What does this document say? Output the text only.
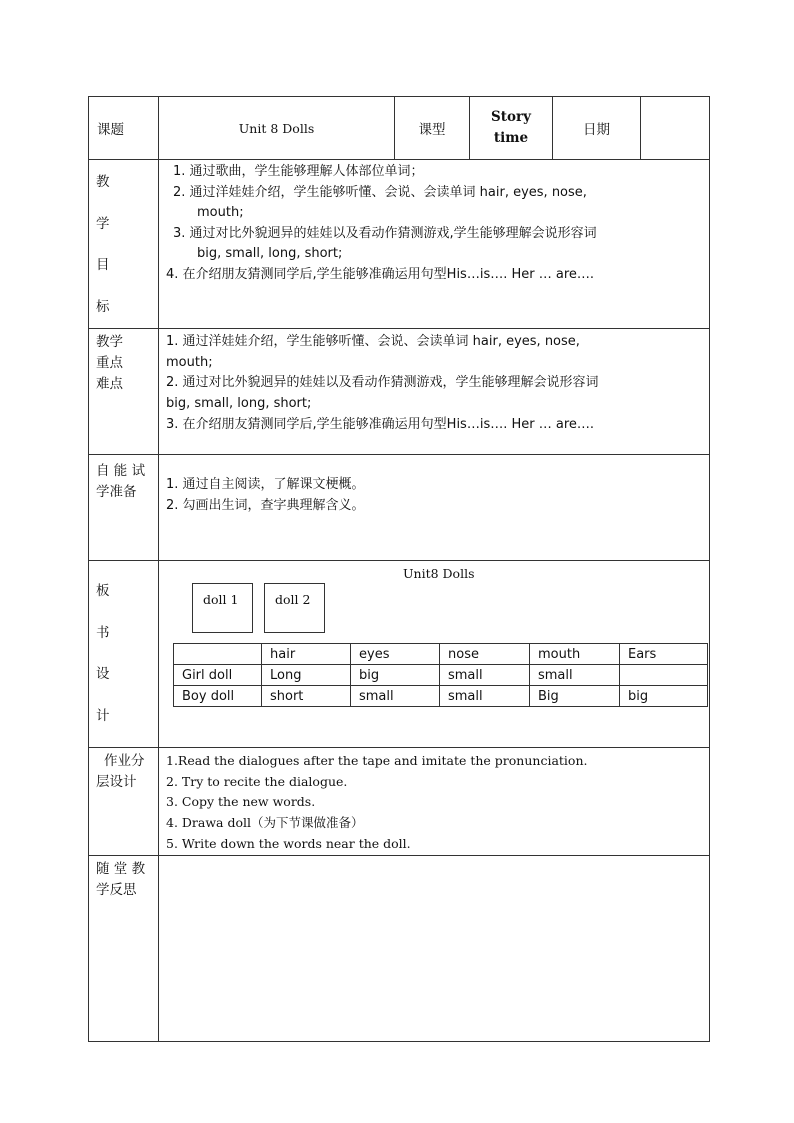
课题	Unit 8 Dolls	课型	Story
time	日期	

教
学
目
标

1. 通过歌曲，学生能够理解人体部位单词；
2. 通过洋娃娃介绍，学生能够听懂、会说、会读单词 hair, eyes, nose,
mouth;
3. 通过对比外貌迥异的娃娃以及看动作猜测游戏,学生能够理解会说形容词
big, small, long, short;
4. 在介绍朋友猜测同学后,学生能够准确运用句型His…is…. Her … are….

教学
重点
难点

1. 通过洋娃娃介绍，学生能够听懂、会说、会读单词 hair, eyes, nose,
mouth;
2. 通过对比外貌迥异的娃娃以及看动作猜测游戏，学生能够理解会说形容词
big, small, long, short;
3. 在介绍朋友猜测同学后,学生能够准确运用句型His…is…. Her … are….

自 能 试
学准备	1. 通过自主阅读，了解课文梗概。
2. 勾画出生词，查字典理解含义。

板
书
设
计

Unit8 Dolls
doll 1	doll 2
	hair	eyes	nose	mouth	Ears
Girl doll	Long	big	small	small	
Boy doll	short	small	small	Big	big

作业分
层设计

1.Read the dialogues after the tape and imitate the pronunciation.
2. Try to recite the dialogue.
3. Copy the new words.
4. Drawa doll（为下节课做准备）
5. Write down the words near the doll.

随 堂 教
学反思
